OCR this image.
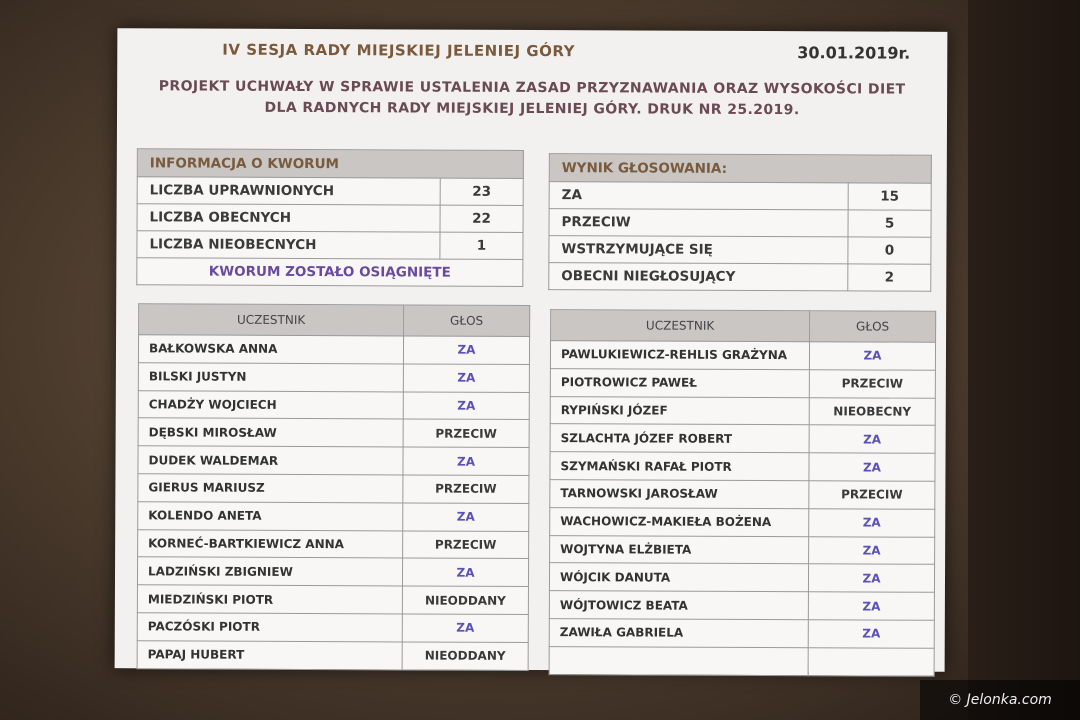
IV SESJA RADY MIEJSKIEJ JELENIEJ GÓRY	30.01.2019r.
PROJEKT UCHWAŁY W SPRAWIE USTALENIA ZASAD PRZYZNAWANIA ORAZ WYSOKOŚCI DIET
DLA RADNYCH RADY MIEJSKIEJ JELENIEJ GÓRY. DRUK NR 25.2019.
INFORMACJA O KWORUM	
LICZBA UPRAWNIONYCH	23
LICZBA OBECNYCH	22
LICZBA NIEOBECNYCH	1
KWORUM ZOSTAŁO OSIĄGNIĘTE	
WYNIK GŁOSOWANIA:	
ZA	15
PRZECIW	5
WSTRZYMUJĄCE SIĘ	0
OBECNI NIEGŁOSUJĄCY	2
UCZESTNIK	GŁOS
BAŁKOWSKA ANNA	ZA
BILSKI JUSTYN	ZA
CHADŻY WOJCIECH	ZA
DĘBSKI MIROSŁAW	PRZECIW
DUDEK WALDEMAR	ZA
GIERUS MARIUSZ	PRZECIW
KOLENDO ANETA	ZA
KORNEĆ-BARTKIEWICZ ANNA	PRZECIW
LADZIŃSKI ZBIGNIEW	ZA
MIEDZIŃSKI PIOTR	NIEODDANY
PACZÓSKI PIOTR	ZA
PAPAJ HUBERT	NIEODDANY
UCZESTNIK	GŁOS
PAWLUKIEWICZ-REHLIS GRAŻYNA	ZA
PIOTROWICZ PAWEŁ	PRZECIW
RYPIŃSKI JÓZEF	NIEOBECNY
SZLACHTA JÓZEF ROBERT	ZA
SZYMAŃSKI RAFAŁ PIOTR	ZA
TARNOWSKI JAROSŁAW	PRZECIW
WACHOWICZ-MAKIEŁA BOŻENA	ZA
WOJTYNA ELŻBIETA	ZA
WÓJCIK DANUTA	ZA
WÓJTOWICZ BEATA	ZA
ZAWIŁA GABRIELA	ZA

© Jelonka.com
